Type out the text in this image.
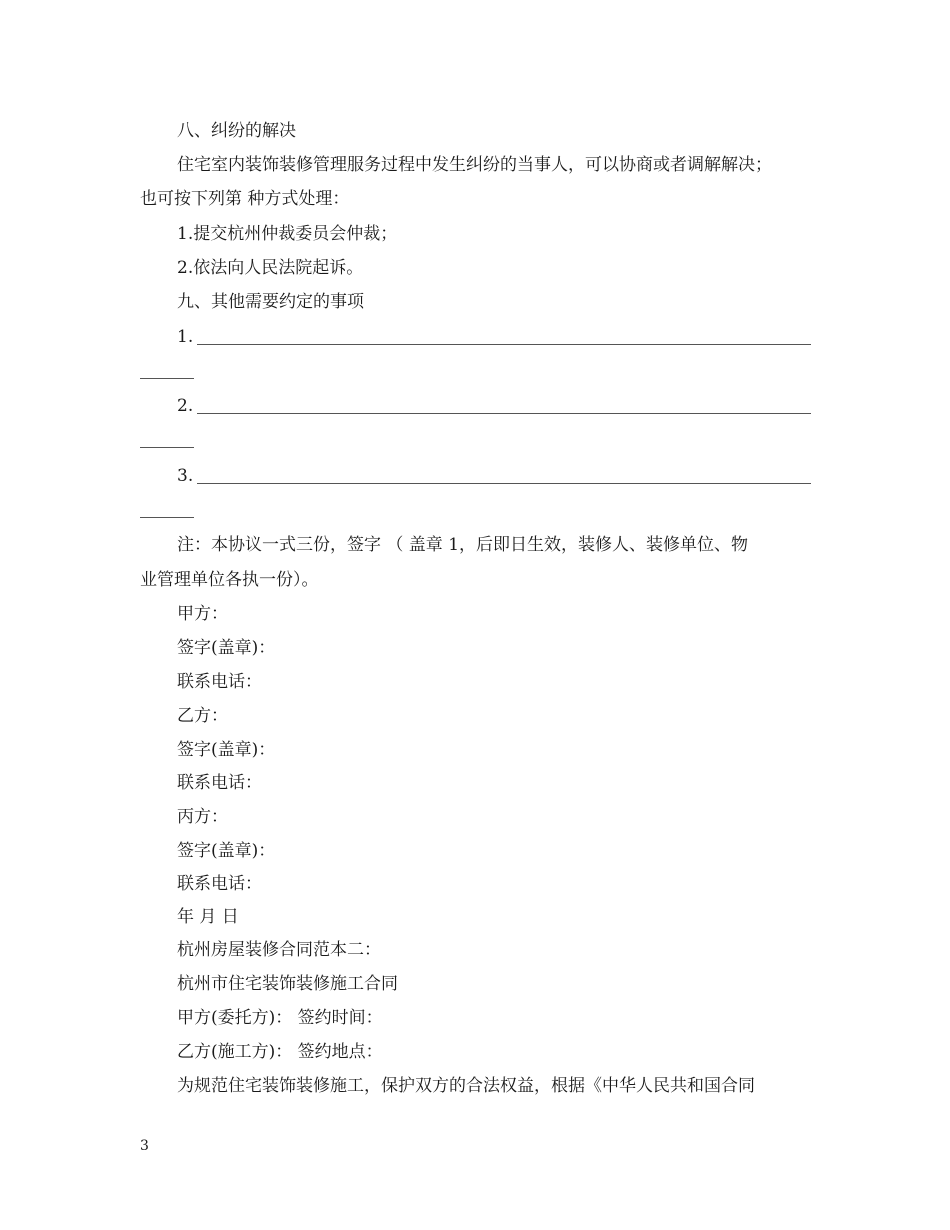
八、纠纷的解决
住宅室内装饰装修管理服务过程中发生纠纷的当事人，可以协商或者调解解决；
也可按下列第 种方式处理：
1.提交杭州仲裁委员会仲裁；
2.依法向人民法院起诉。
九、其他需要约定的事项
1.
2.
3.
注：本协议一式三份，签字 （ 盖章 1，后即日生效，装修人、装修单位、物
业管理单位各执一份）。
甲方：
签字(盖章)：
联系电话：
乙方：
签字(盖章)：
联系电话：
丙方：
签字(盖章)：
联系电话：
年 月 日
杭州房屋装修合同范本二：
杭州市住宅装饰装修施工合同
甲方(委托方)： 签约时间：
乙方(施工方)： 签约地点：
为规范住宅装饰装修施工，保护双方的合法权益，根据《中华人民共和国合同
3
